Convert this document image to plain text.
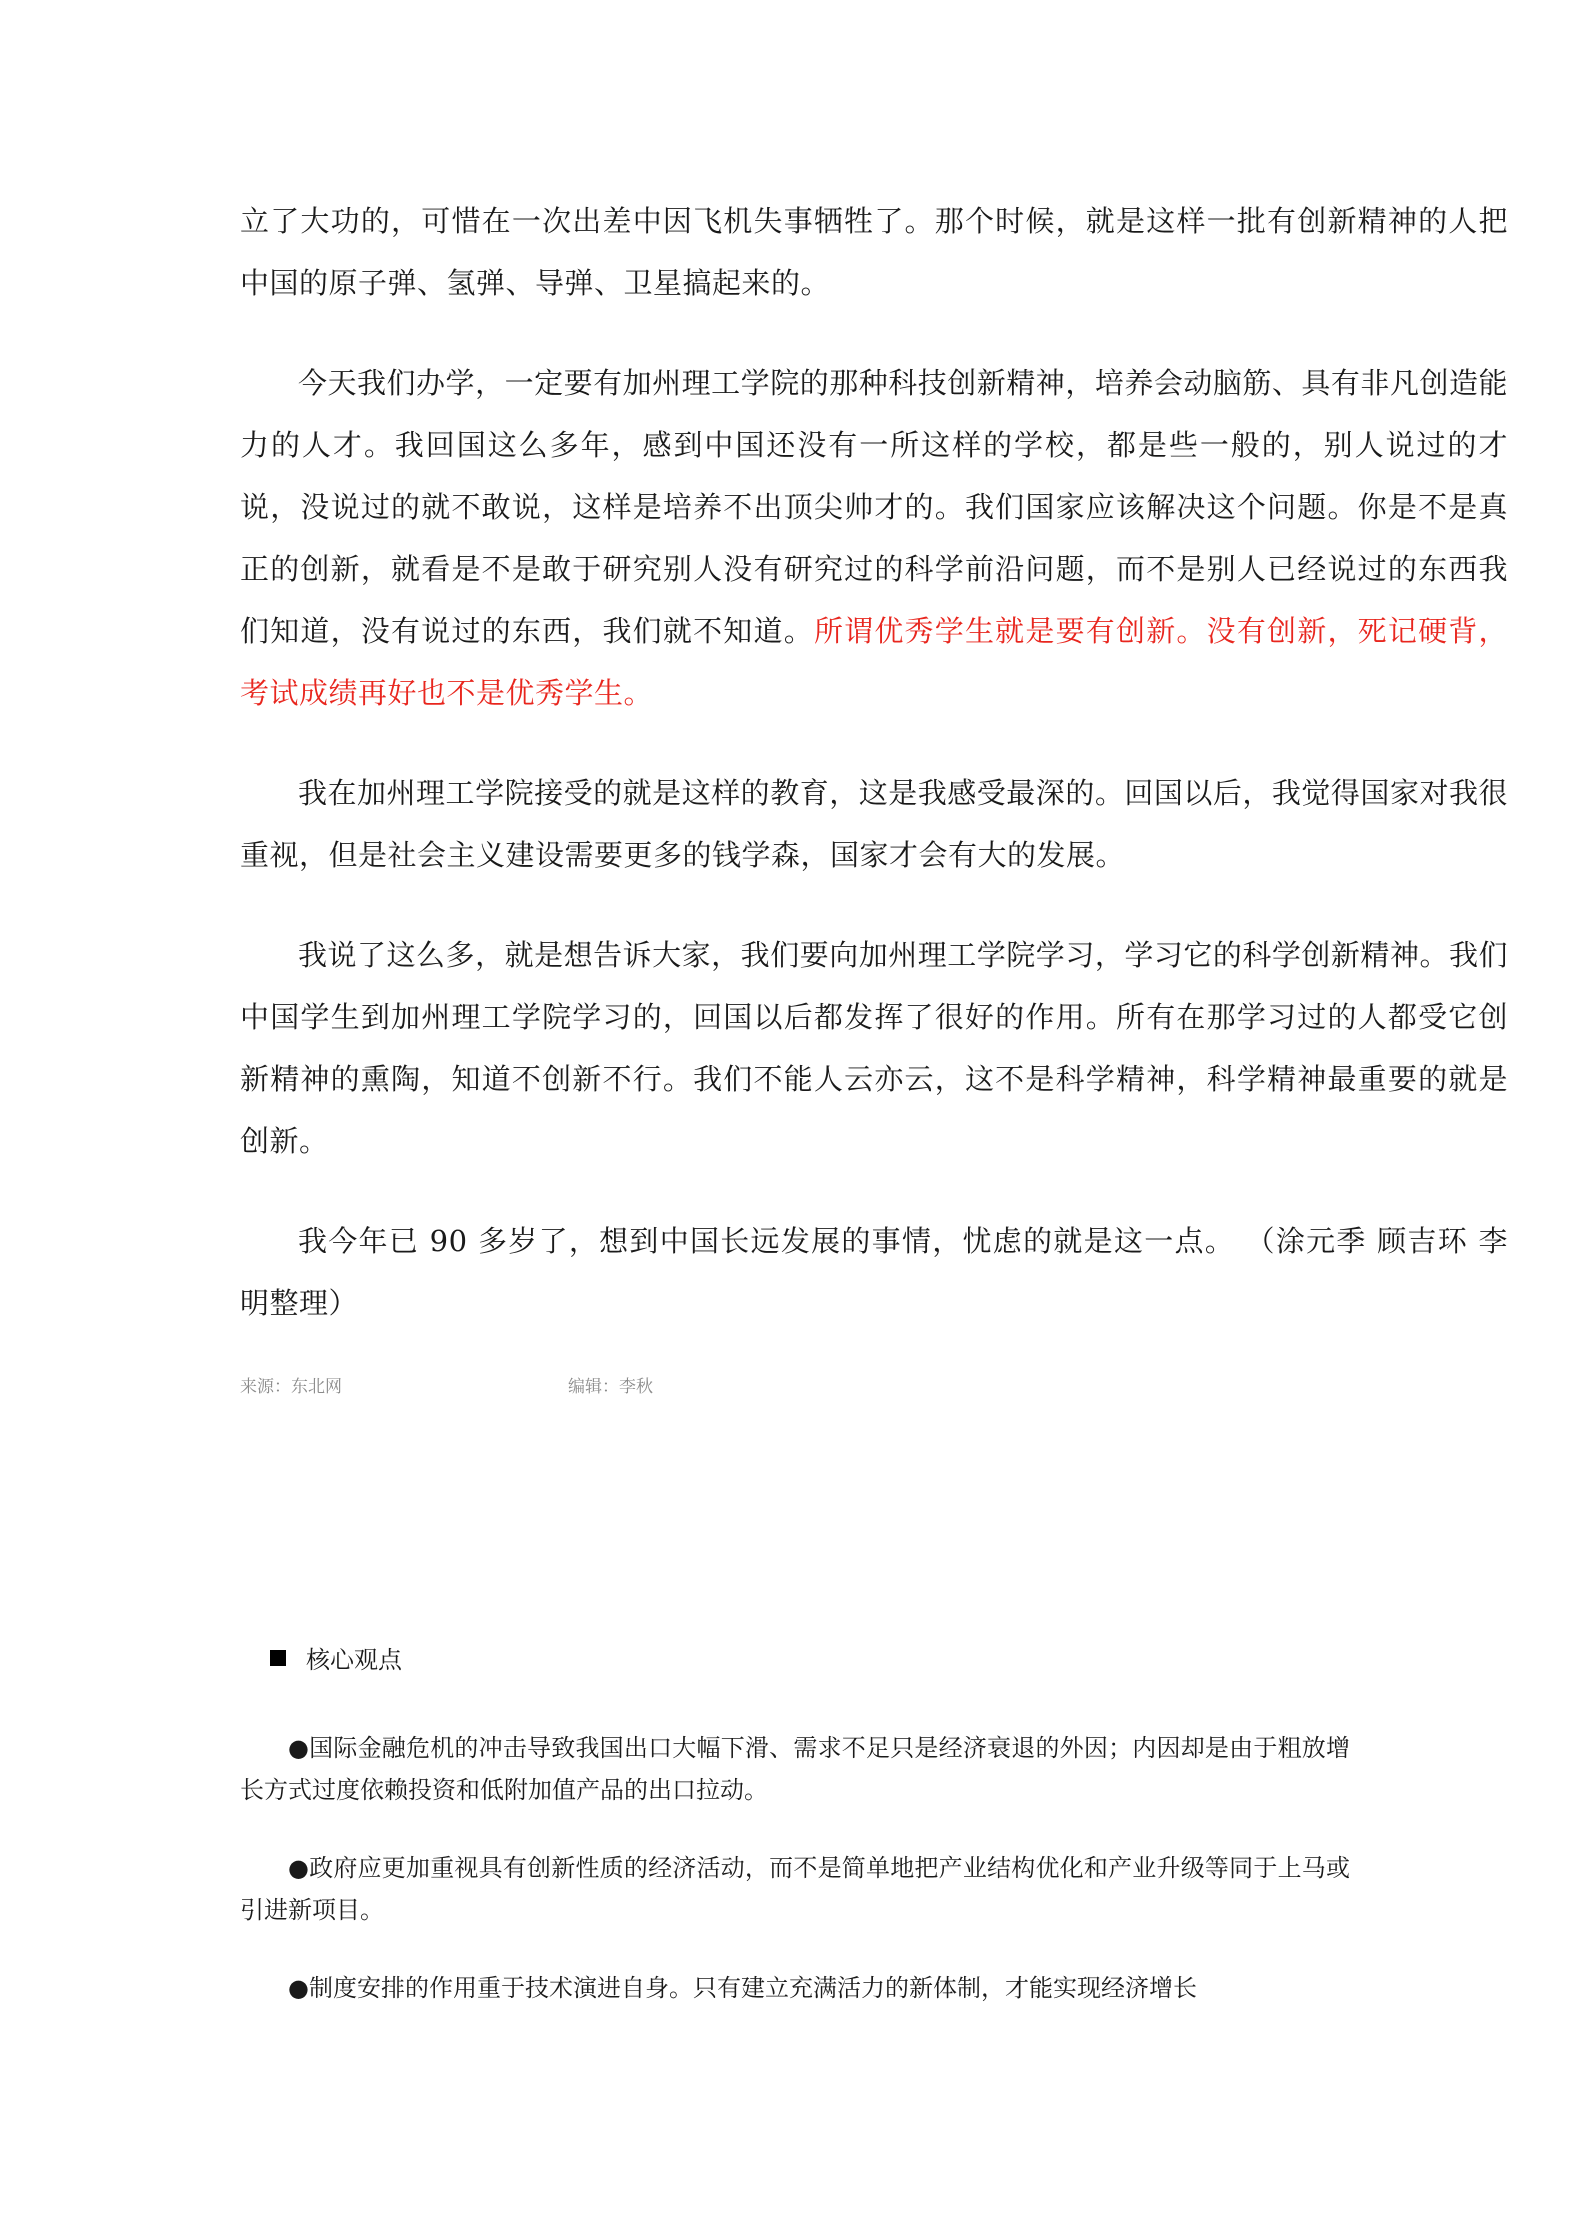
立了大功的，可惜在一次出差中因飞机失事牺牲了。那个时候，就是这样一批有创新精神的人把中国的原子弹、氢弹、导弹、卫星搞起来的。

今天我们办学，一定要有加州理工学院的那种科技创新精神，培养会动脑筋、具有非凡创造能力的人才。我回国这么多年，感到中国还没有一所这样的学校，都是些一般的，别人说过的才说，没说过的就不敢说，这样是培养不出顶尖帅才的。我们国家应该解决这个问题。你是不是真正的创新，就看是不是敢于研究别人没有研究过的科学前沿问题，而不是别人已经说过的东西我们知道，没有说过的东西，我们就不知道。所谓优秀学生就是要有创新。没有创新，死记硬背，考试成绩再好也不是优秀学生。

我在加州理工学院接受的就是这样的教育，这是我感受最深的。回国以后，我觉得国家对我很重视，但是社会主义建设需要更多的钱学森，国家才会有大的发展。

我说了这么多，就是想告诉大家，我们要向加州理工学院学习，学习它的科学创新精神。我们中国学生到加州理工学院学习的，回国以后都发挥了很好的作用。所有在那学习过的人都受它创新精神的熏陶，知道不创新不行。我们不能人云亦云，这不是科学精神，科学精神最重要的就是创新。

我今年已 90 多岁了，想到中国长远发展的事情，忧虑的就是这一点。 （涂元季 顾吉环 李 明整理）

来源：东北网	编辑：李秋
核心观点

●国际金融危机的冲击导致我国出口大幅下滑、需求不足只是经济衰退的外因；内因却是由于粗放增长方式过度依赖投资和低附加值产品的出口拉动。

●政府应更加重视具有创新性质的经济活动，而不是简单地把产业结构优化和产业升级等同于上马或引进新项目。

●制度安排的作用重于技术演进自身。只有建立充满活力的新体制，才能实现经济增长
